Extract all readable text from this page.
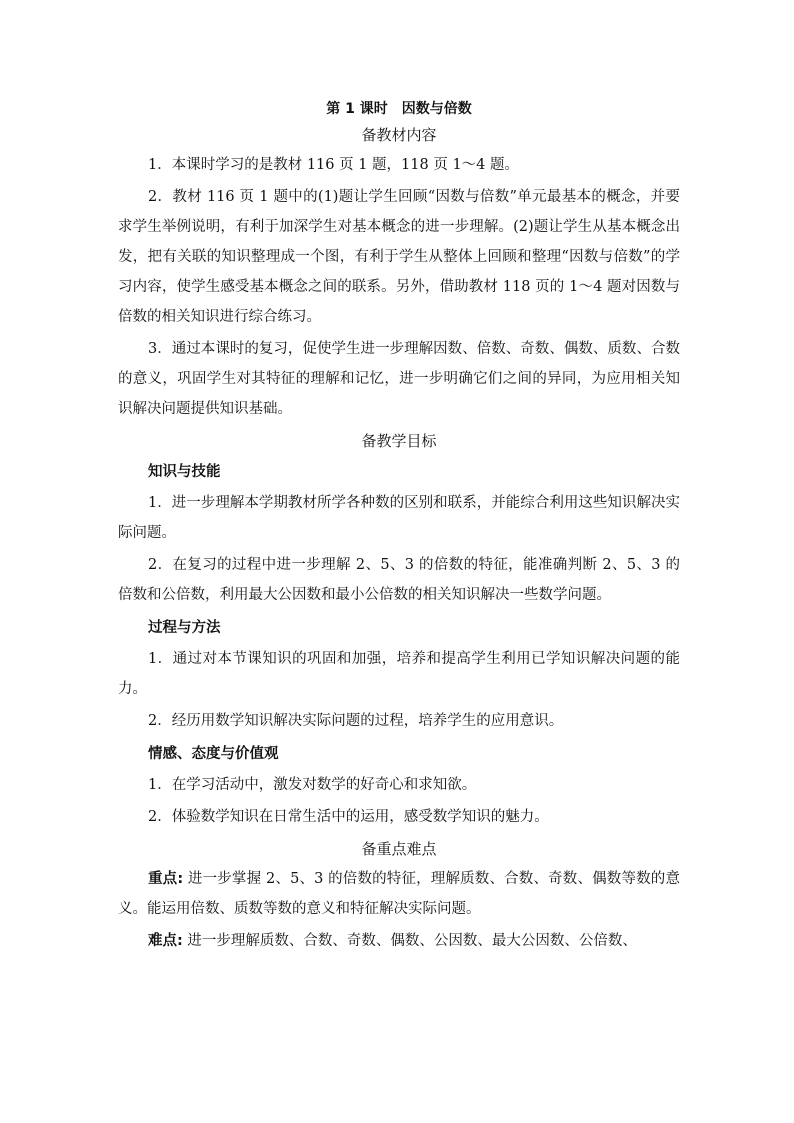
第 1 课时　因数与倍数

备教材内容

1．本课时学习的是教材 116 页 1 题，118 页 1～4 题。

2．教材 116 页 1 题中的(1)题让学生回顾“因数与倍数”单元最基本的概念，并要求学生举例说明，有利于加深学生对基本概念的进一步理解。(2)题让学生从基本概念出发，把有关联的知识整理成一个图，有利于学生从整体上回顾和整理“因数与倍数”的学习内容，使学生感受基本概念之间的联系。另外，借助教材 118 页的 1～4 题对因数与倍数的相关知识进行综合练习。

3．通过本课时的复习，促使学生进一步理解因数、倍数、奇数、偶数、质数、合数的意义，巩固学生对其特征的理解和记忆，进一步明确它们之间的异同，为应用相关知识解决问题提供知识基础。

备教学目标

知识与技能

1．进一步理解本学期教材所学各种数的区别和联系，并能综合利用这些知识解决实际问题。

2．在复习的过程中进一步理解 2、5、3 的倍数的特征，能准确判断 2、5、3 的倍数和公倍数，利用最大公因数和最小公倍数的相关知识解决一些数学问题。

过程与方法

1．通过对本节课知识的巩固和加强，培养和提高学生利用已学知识解决问题的能力。

2．经历用数学知识解决实际问题的过程，培养学生的应用意识。

情感、态度与价值观

1．在学习活动中，激发对数学的好奇心和求知欲。

2．体验数学知识在日常生活中的运用，感受数学知识的魅力。

备重点难点

重点: 进一步掌握 2、5、3 的倍数的特征，理解质数、合数、奇数、偶数等数的意义。能运用倍数、质数等数的意义和特征解决实际问题。

难点: 进一步理解质数、合数、奇数、偶数、公因数、最大公因数、公倍数、
